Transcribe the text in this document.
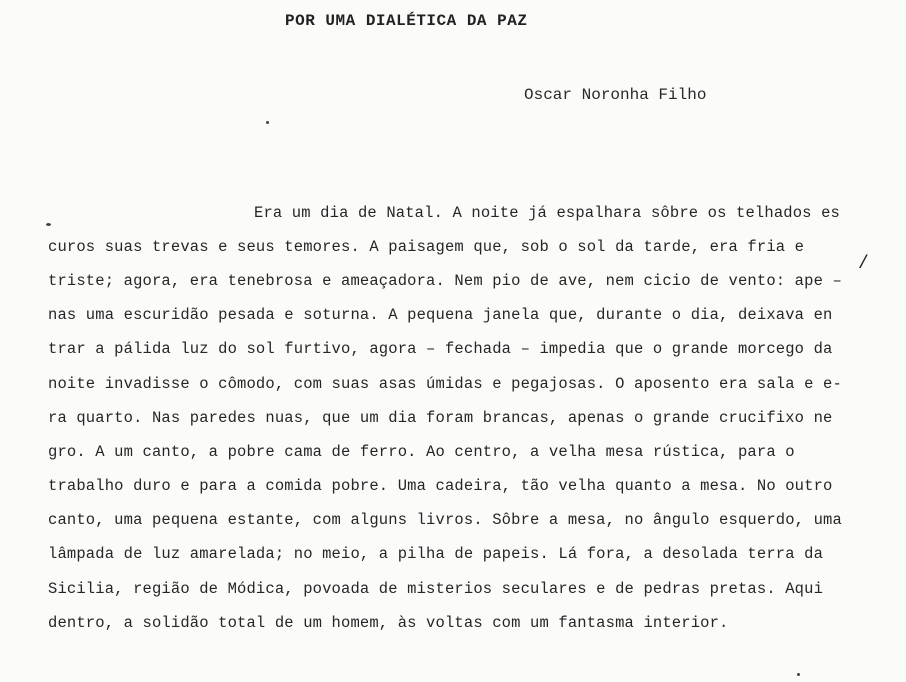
POR UMA DIALÉTICA DA PAZ
Oscar Noronha Filho
/
Era um dia de Natal. A noite já espalhara sôbre os telhados es
curos suas trevas e seus temores. A paisagem que, sob o sol da tarde, era fria e
triste; agora, era tenebrosa e ameaçadora. Nem pio de ave, nem cicio de vento: ape –
nas uma escuridão pesada e soturna. A pequena janela que, durante o dia, deixava en
trar a pálida luz do sol furtivo, agora – fechada – impedia que o grande morcego da
noite invadisse o cômodo, com suas asas úmidas e pegajosas. O aposento era sala e e-
ra quarto. Nas paredes nuas, que um dia foram brancas, apenas o grande crucifixo ne
gro. A um canto, a pobre cama de ferro. Ao centro, a velha mesa rústica, para o
trabalho duro e para a comida pobre. Uma cadeira, tão velha quanto a mesa. No outro
canto, uma pequena estante, com alguns livros. Sôbre a mesa, no ângulo esquerdo, uma
lâmpada de luz amarelada; no meio, a pilha de papeis. Lá fora, a desolada terra da
Sicilia, região de Módica, povoada de misterios seculares e de pedras pretas. Aqui
dentro, a solidão total de um homem, às voltas com um fantasma interior.
